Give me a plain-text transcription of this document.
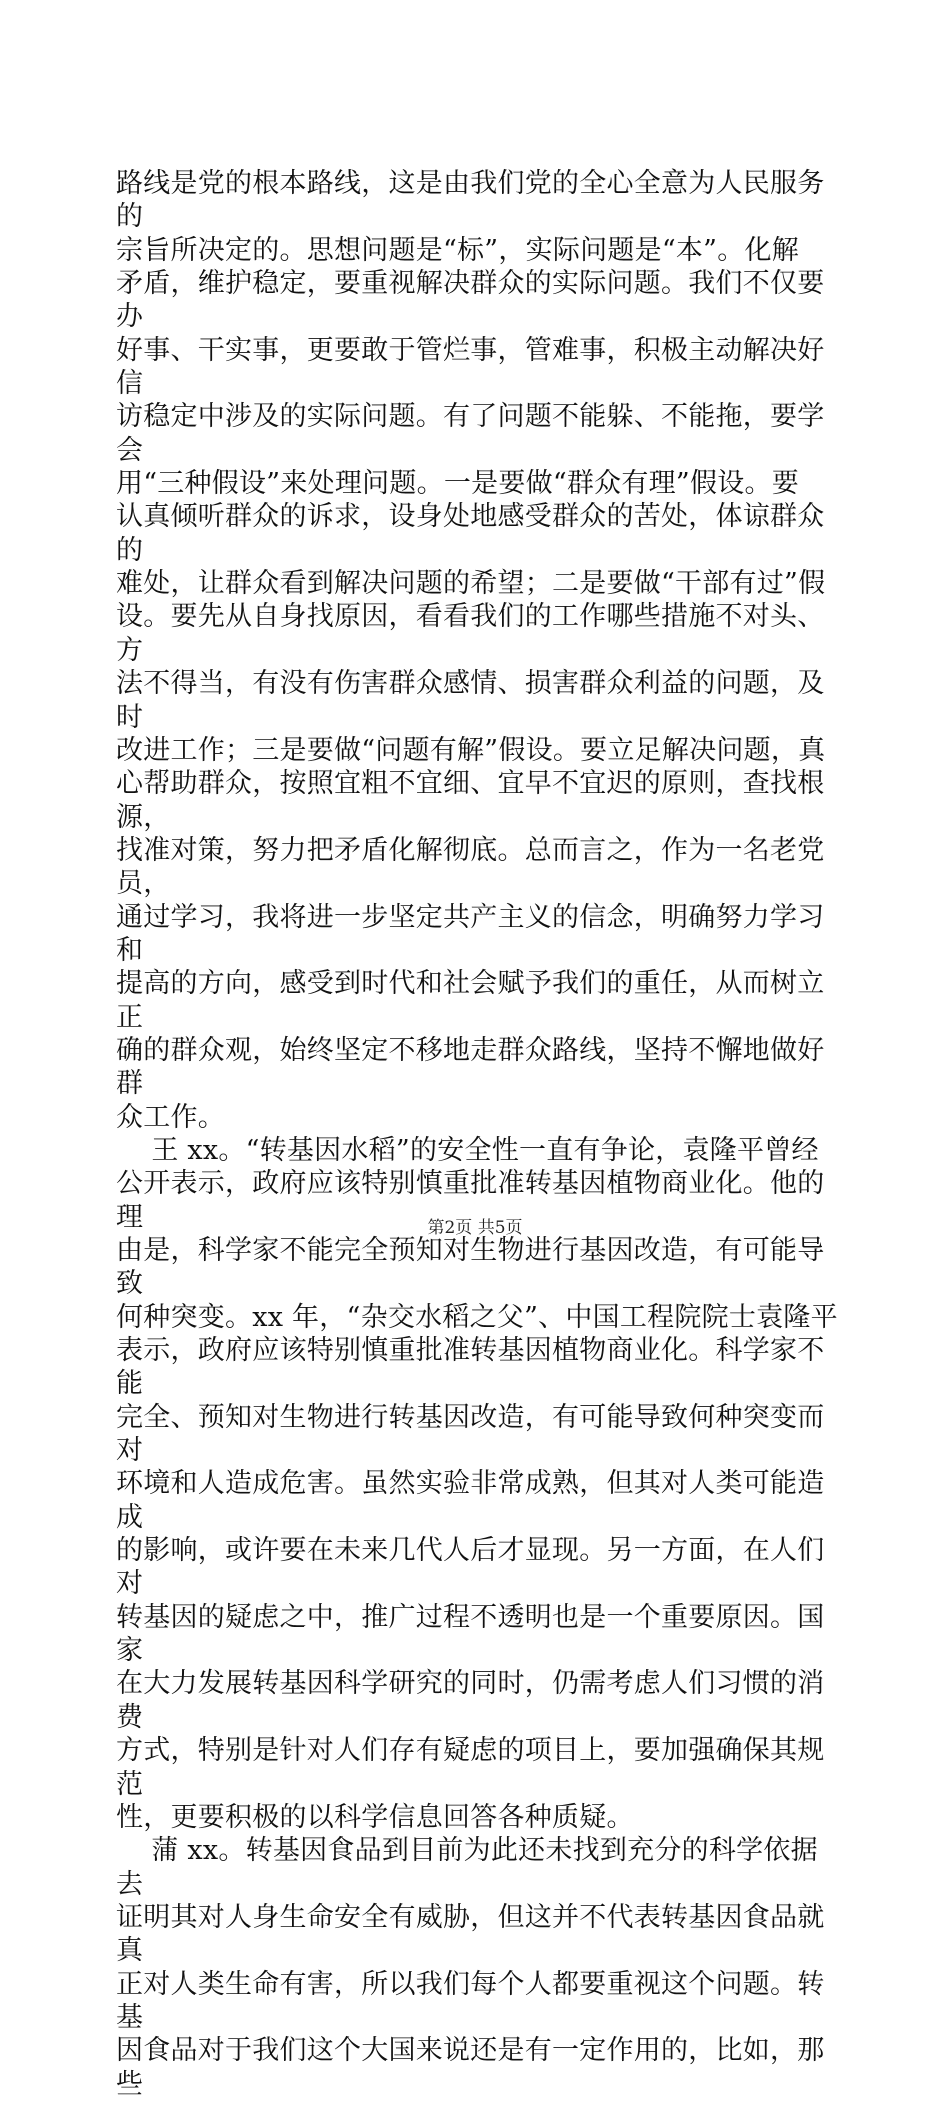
路线是党的根本路线，这是由我们党的全心全意为人民服务的
宗旨所决定的。思想问题是“标”，实际问题是“本”。化解
矛盾，维护稳定，要重视解决群众的实际问题。我们不仅要办
好事、干实事，更要敢于管烂事，管难事，积极主动解决好信
访稳定中涉及的实际问题。有了问题不能躲、不能拖，要学会
用“三种假设”来处理问题。一是要做“群众有理”假设。要
认真倾听群众的诉求，设身处地感受群众的苦处，体谅群众的
难处，让群众看到解决问题的希望；二是要做“干部有过”假
设。要先从自身找原因，看看我们的工作哪些措施不对头、方
法不得当，有没有伤害群众感情、损害群众利益的问题，及时
改进工作；三是要做“问题有解”假设。要立足解决问题，真
心帮助群众，按照宜粗不宜细、宜早不宜迟的原则，查找根源，
找准对策，努力把矛盾化解彻底。总而言之，作为一名老党员，
通过学习，我将进一步坚定共产主义的信念，明确努力学习和
提高的方向，感受到时代和社会赋予我们的重任，从而树立正
确的群众观，始终坚定不移地走群众路线，坚持不懈地做好群
众工作。

王 xx。“转基因水稻”的安全性一直有争论，袁隆平曾经
公开表示，政府应该特别慎重批准转基因植物商业化。他的理
由是，科学家不能完全预知对生物进行基因改造，有可能导致
何种突变。xx 年，“杂交水稻之父”、中国工程院院士袁隆平
表示，政府应该特别慎重批准转基因植物商业化。科学家不能
完全、预知对生物进行转基因改造，有可能导致何种突变而对
环境和人造成危害。虽然实验非常成熟，但其对人类可能造成
的影响，或许要在未来几代人后才显现。另一方面，在人们对
转基因的疑虑之中，推广过程不透明也是一个重要原因。国家
在大力发展转基因科学研究的同时，仍需考虑人们习惯的消费
方式，特别是针对人们存有疑虑的项目上，要加强确保其规范
性，更要积极的以科学信息回答各种质疑。

蒲 xx。转基因食品到目前为此还未找到充分的科学依据去
证明其对人身生命安全有威胁，但这并不代表转基因食品就真
正对人类生命有害，所以我们每个人都要重视这个问题。转基
因食品对于我们这个大国来说还是有一定作用的，比如，那些

第2页 共5页
